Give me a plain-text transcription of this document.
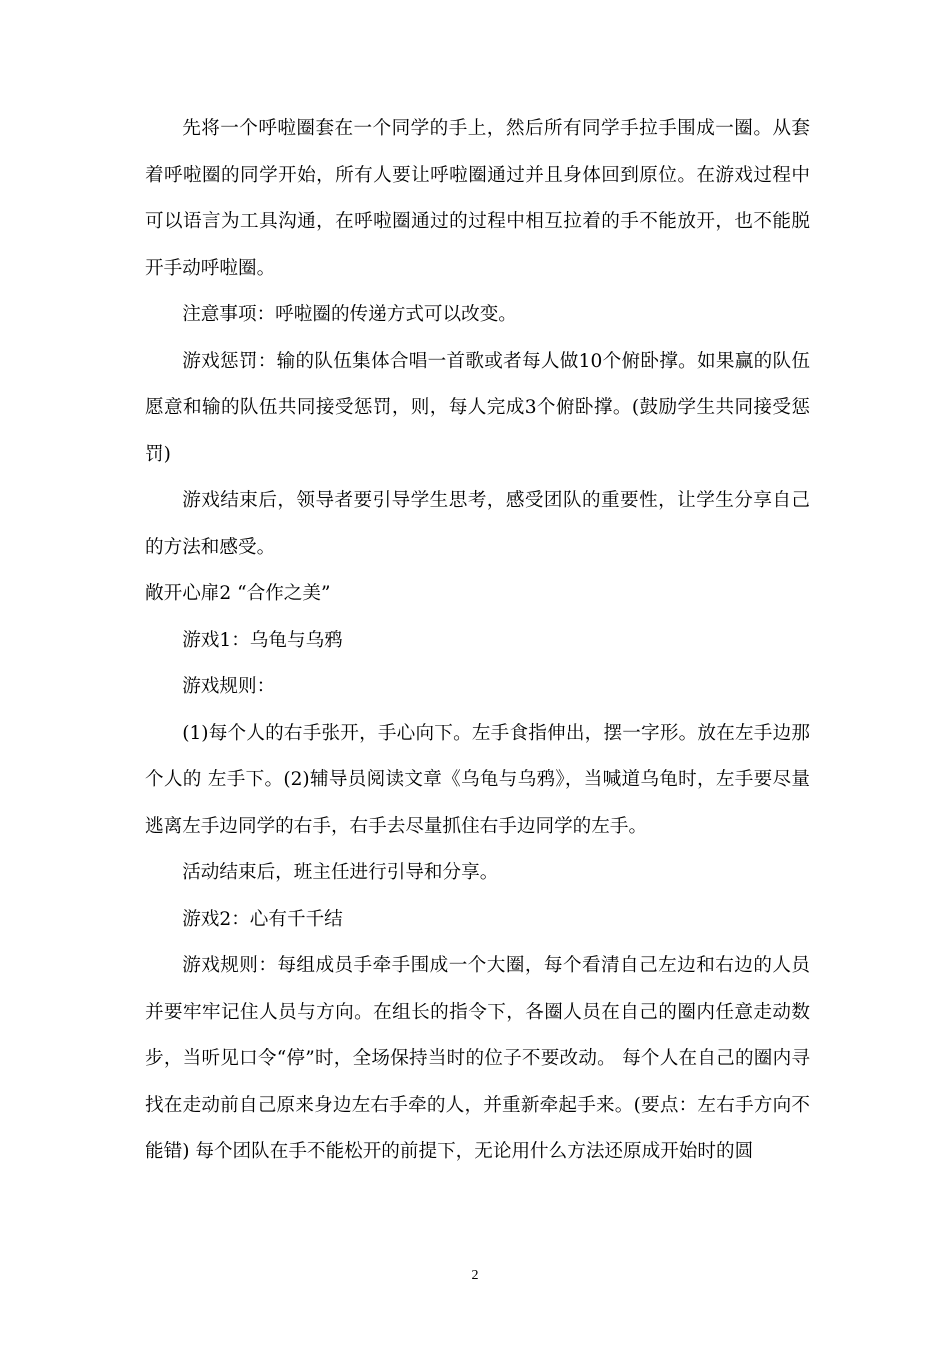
先将一个呼啦圈套在一个同学的手上，然后所有同学手拉手围成一圈。从套着呼啦圈的同学开始，所有人要让呼啦圈通过并且身体回到原位。在游戏过程中可以语言为工具沟通，在呼啦圈通过的过程中相互拉着的手不能放开，也不能脱开手动呼啦圈。

注意事项：呼啦圈的传递方式可以改变。

游戏惩罚：输的队伍集体合唱一首歌或者每人做10个俯卧撑。如果赢的队伍愿意和输的队伍共同接受惩罚，则，每人完成3个俯卧撑。(鼓励学生共同接受惩罚)

游戏结束后，领导者要引导学生思考，感受团队的重要性，让学生分享自己的方法和感受。

敞开心扉2 “合作之美”

游戏1：乌龟与乌鸦

游戏规则：

(1)每个人的右手张开，手心向下。左手食指伸出，摆一字形。放在左手边那个人的 左手下。(2)辅导员阅读文章《乌龟与乌鸦》，当喊道乌龟时，左手要尽量逃离左手边同学的右手，右手去尽量抓住右手边同学的左手。

活动结束后，班主任进行引导和分享。

游戏2：心有千千结

游戏规则：每组成员手牵手围成一个大圈，每个看清自己左边和右边的人员并要牢牢记住人员与方向。在组长的指令下，各圈人员在自己的圈内任意走动数步，当听见口令“停”时，全场保持当时的位子不要改动。 每个人在自己的圈内寻找在走动前自己原来身边左右手牵的人，并重新牵起手来。(要点：左右手方向不能错) 每个团队在手不能松开的前提下，无论用什么方法还原成开始时的圆

2
